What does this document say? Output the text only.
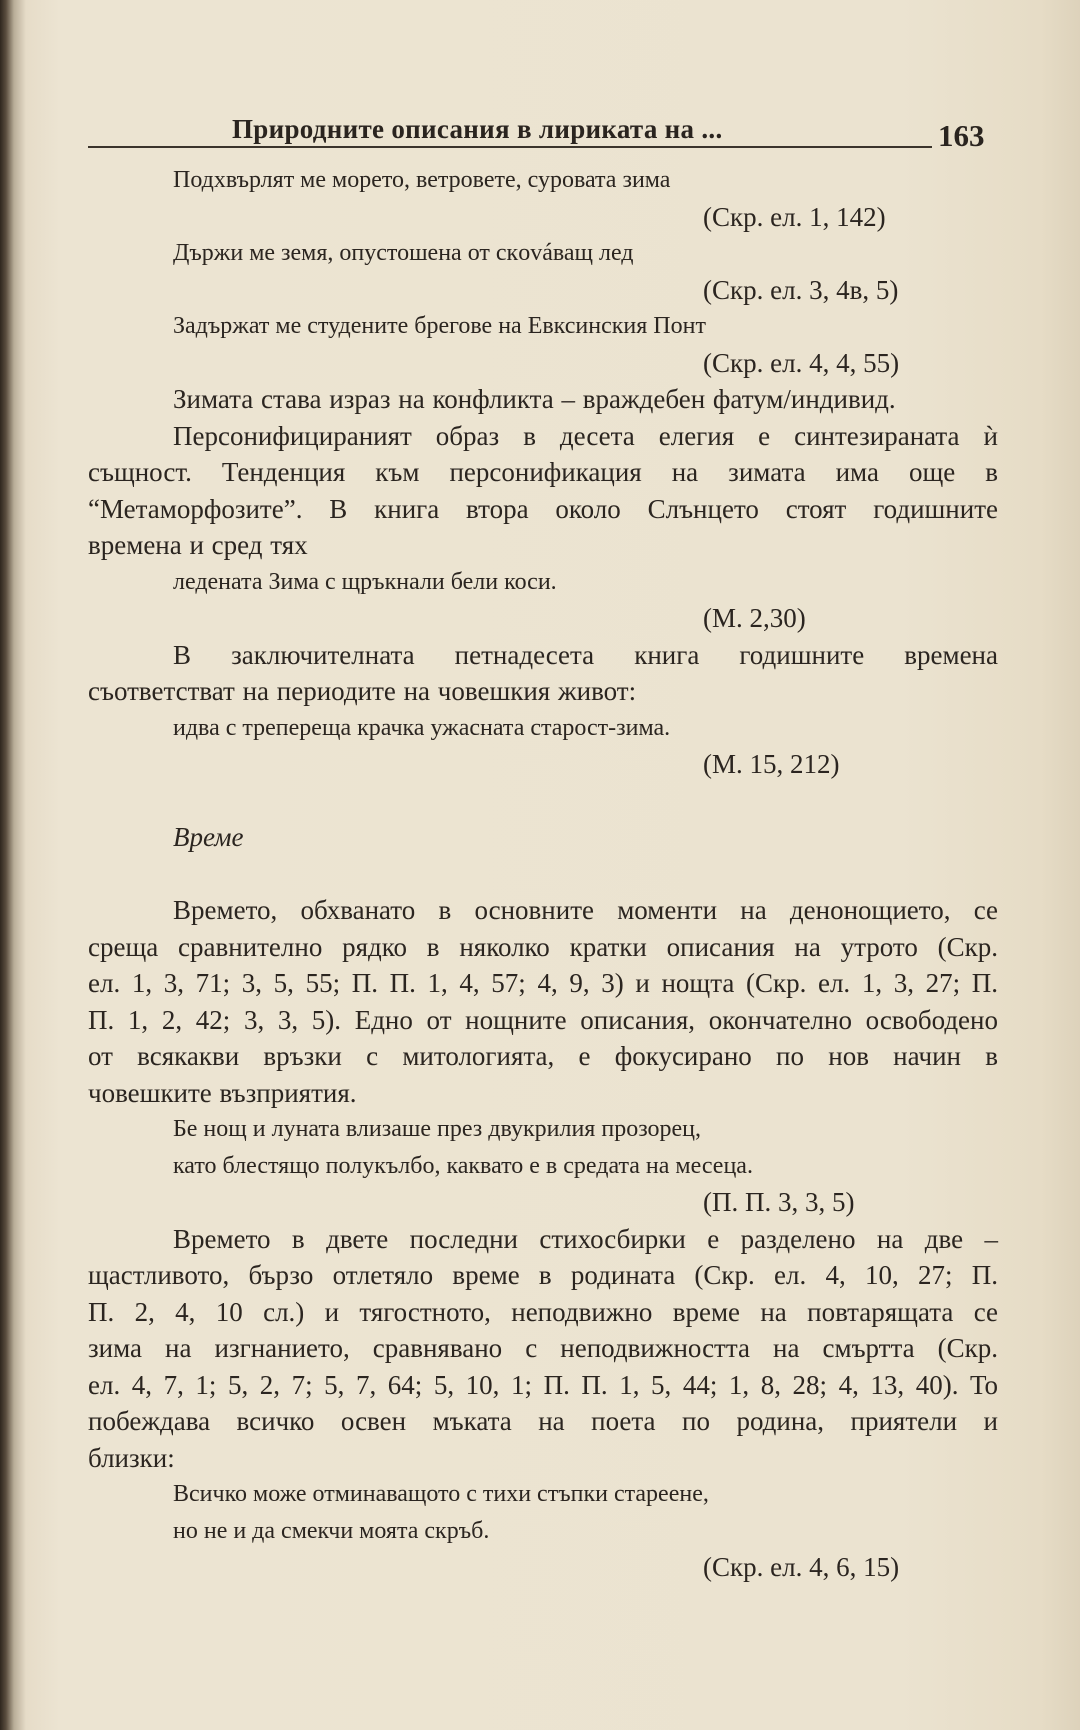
Природните описания в лириката на ...	163
Подхвърлят ме морето, ветровете, суровата зима
(Скр. ел. 1, 142)
Държи ме земя, опустошена от скováващ лед
(Скр. ел. 3, 4в, 5)
Задържат ме студените брегове на Евксинския Понт
(Скр. ел. 4, 4, 55)
Зимата става израз на конфликта – враждебен фатум/индивид.
Персонифицираният образ в десета елегия е синтезираната ѝ
същност. Тенденция към персонификация на зимата има още в
“Метаморфозите”. В книга втора около Слънцето стоят годишните
времена и сред тях
ледената Зима с щръкнали бели коси.
(М. 2,30)
В заключителната петнадесета книга годишните времена
съответстват на периодите на човешкия живот:
идва с трепереща крачка ужасната старост-зима.
(М. 15, 212)
Време
Времето, обхванато в основните моменти на денонощието, се
среща сравнително рядко в няколко кратки описания на утрото (Скр.
ел. 1, 3, 71; 3, 5, 55; П. П. 1, 4, 57; 4, 9, 3) и нощта (Скр. ел. 1, 3, 27; П.
П. 1, 2, 42; 3, 3, 5). Едно от нощните описания, окончателно освободено
от всякакви връзки с митологията, е фокусирано по нов начин в
човешките възприятия.
Бе нощ и луната влизаше през двукрилия прозорец,
като блестящо полукълбо, каквато е в средата на месеца.
(П. П. 3, 3, 5)
Времето в двете последни стихосбирки е разделено на две –
щастливото, бързо отлетяло време в родината (Скр. ел. 4, 10, 27; П.
П. 2, 4, 10 сл.) и тягостното, неподвижно време на повтарящата се
зима на изгнанието, сравнявано с неподвижността на смъртта (Скр.
ел. 4, 7, 1; 5, 2, 7; 5, 7, 64; 5, 10, 1; П. П. 1, 5, 44; 1, 8, 28; 4, 13, 40). То
побеждава всичко освен мъката на поета по родина, приятели и
близки:
Всичко може отминаващото с тихи стъпки стареене,
но не и да смекчи моята скръб.
(Скр. ел. 4, 6, 15)
